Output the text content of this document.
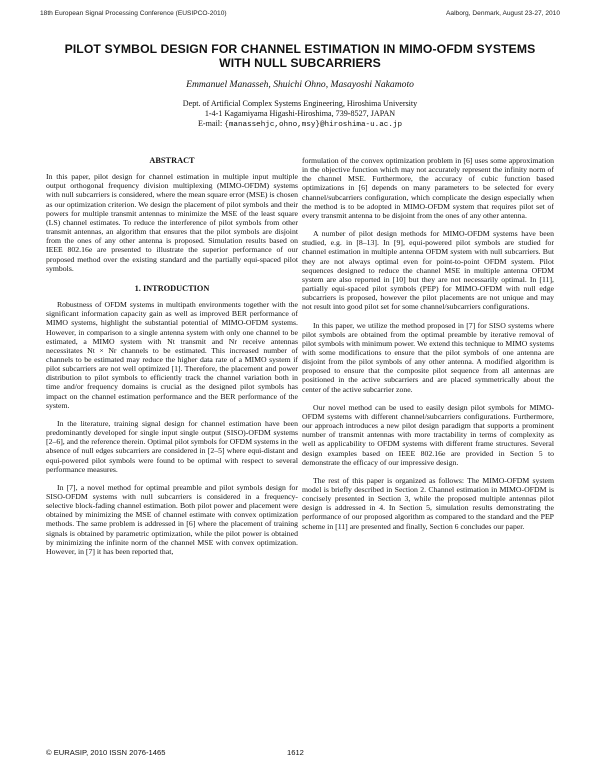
18th European Signal Processing Conference (EUSIPCO-2010)	Aalborg, Denmark, August 23-27, 2010
PILOT SYMBOL DESIGN FOR CHANNEL ESTIMATION IN MIMO-OFDM SYSTEMS WITH NULL SUBCARRIERS
Emmanuel Manasseh, Shuichi Ohno, Masayoshi Nakamoto
Dept. of Artificial Complex Systems Engineering, Hiroshima University
1-4-1 Kagamiyama Higashi-Hiroshima, 739-8527, JAPAN
E-mail: {manassehjc,ohno,msy}@hiroshima-u.ac.jp
ABSTRACT

In this paper, pilot design for channel estimation in multiple input multiple output orthogonal frequency division multiplexing (MIMO-OFDM) systems with null subcarriers is considered, where the mean square error (MSE) is chosen as our optimization criterion. We design the placement of pilot symbols and their powers for multiple transmit antennas to minimize the MSE of the least square (LS) channel estimates. To reduce the interference of pilot symbols from other transmit antennas, an algorithm that ensures that the pilot symbols are disjoint from the ones of any other antenna is proposed. Simulation results based on IEEE 802.16e are presented to illustrate the superior performance of our proposed method over the existing standard and the partially equi-spaced pilot symbols.

1. INTRODUCTION

Robustness of OFDM systems in multipath environments together with the significant information capacity gain as well as improved BER performance of MIMO systems, highlight the substantial potential of MIMO-OFDM systems. However, in comparison to a single antenna system with only one channel to be estimated, a MIMO system with Nt transmit and Nr receive antennas necessitates Nt × Nr channels to be estimated. This increased number of channels to be estimated may reduce the higher data rate of a MIMO system if pilot subcarriers are not well optimized [1]. Therefore, the placement and power distribution to pilot symbols to efficiently track the channel variation both in time and/or frequency domains is crucial as the designed pilot symbols has impact on the channel estimation performance and the BER performance of the system.

In the literature, training signal design for channel estimation have been predominantly developed for single input single output (SISO)-OFDM systems [2–6], and the reference therein. Optimal pilot symbols for OFDM systems in the absence of null edges subcarriers are considered in [2–5] where equi-distant and equi-powered pilot symbols were found to be optimal with respect to several performance measures.

In [7], a novel method for optimal preamble and pilot symbols design for SISO-OFDM systems with null subcarriers is considered in a frequency-selective block-fading channel estimation. Both pilot power and placement were obtained by minimizing the MSE of channel estimate with convex optimization methods. The same problem is addressed in [6] where the placement of training signals is obtained by parametric optimization, while the pilot power is obtained by minimizing the infinite norm of the channel MSE with convex optimization. However, in [7] it has been reported that,

formulation of the convex optimization problem in [6] uses some approximation in the objective function which may not accurately represent the infinity norm of the channel MSE. Furthermore, the accuracy of cubic function based optimizations in [6] depends on many parameters to be selected for every channel/subcarriers configuration, which complicate the design especially when the method is to be adopted in MIMO-OFDM system that requires pilot set of every transmit antenna to be disjoint from the ones of any other antenna.

A number of pilot design methods for MIMO-OFDM systems have been studied, e.g. in [8–13]. In [9], equi-powered pilot symbols are studied for channel estimation in multiple antenna OFDM system with null subcarriers. But they are not always optimal even for point-to-point OFDM system. Pilot sequences designed to reduce the channel MSE in multiple antenna OFDM system are also reported in [10] but they are not necessarily optimal. In [11], partially equi-spaced pilot symbols (PEP) for MIMO-OFDM with null edge subcarriers is proposed, however the pilot placements are not unique and may not result into good pilot set for some channel/subcarriers configurations.

In this paper, we utilize the method proposed in [7] for SISO systems where pilot symbols are obtained from the optimal preamble by iterative removal of pilot symbols with minimum power. We extend this technique to MIMO systems with some modifications to ensure that the pilot symbols of one antenna are disjoint from the pilot symbols of any other antenna. A modified algorithm is proposed to ensure that the composite pilot sequence from all antennas are positioned in the active subcarriers and are placed symmetrically about the center of the active subcarrier zone.

Our novel method can be used to easily design pilot symbols for MIMO-OFDM systems with different channel/subcarriers configurations. Furthermore, our approach introduces a new pilot design paradigm that supports a prominent number of transmit antennas with more tractability in terms of complexity as well as applicability to OFDM systems with different frame structures. Several design examples based on IEEE 802.16e are provided in Section 5 to demonstrate the efficacy of our impressive design.

The rest of this paper is organized as follows: The MIMO-OFDM system model is briefly described in Section 2. Channel estimation in MIMO-OFDM is concisely presented in Section 3, while the proposed multiple antennas pilot design is addressed in 4. In Section 5, simulation results demonstrating the performance of our proposed algorithm as compared to the standard and the PEP scheme in [11] are presented and finally, Section 6 concludes our paper.

© EURASIP, 2010 ISSN 2076-1465	1612
